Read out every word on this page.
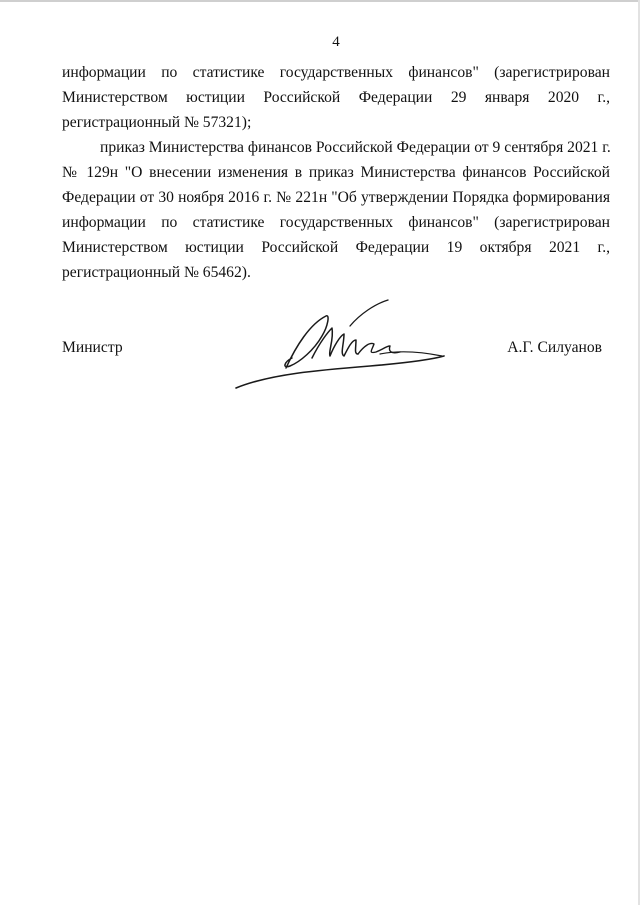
4
информации по статистике государственных финансов" (зарегистрирован
Министерством юстиции Российской Федерации 29 января 2020 г.,
регистрационный № 57321);
приказ Министерства финансов Российской Федерации от 9 сентября 2021 г.
№ 129н "О внесении изменения в приказ Министерства финансов Российской
Федерации от 30 ноября 2016 г. № 221н "Об утверждении Порядка формирования
информации по статистике государственных финансов" (зарегистрирован
Министерством юстиции Российской Федерации 19 октября 2021 г.,
регистрационный № 65462).
Министр	А.Г. Силуанов
